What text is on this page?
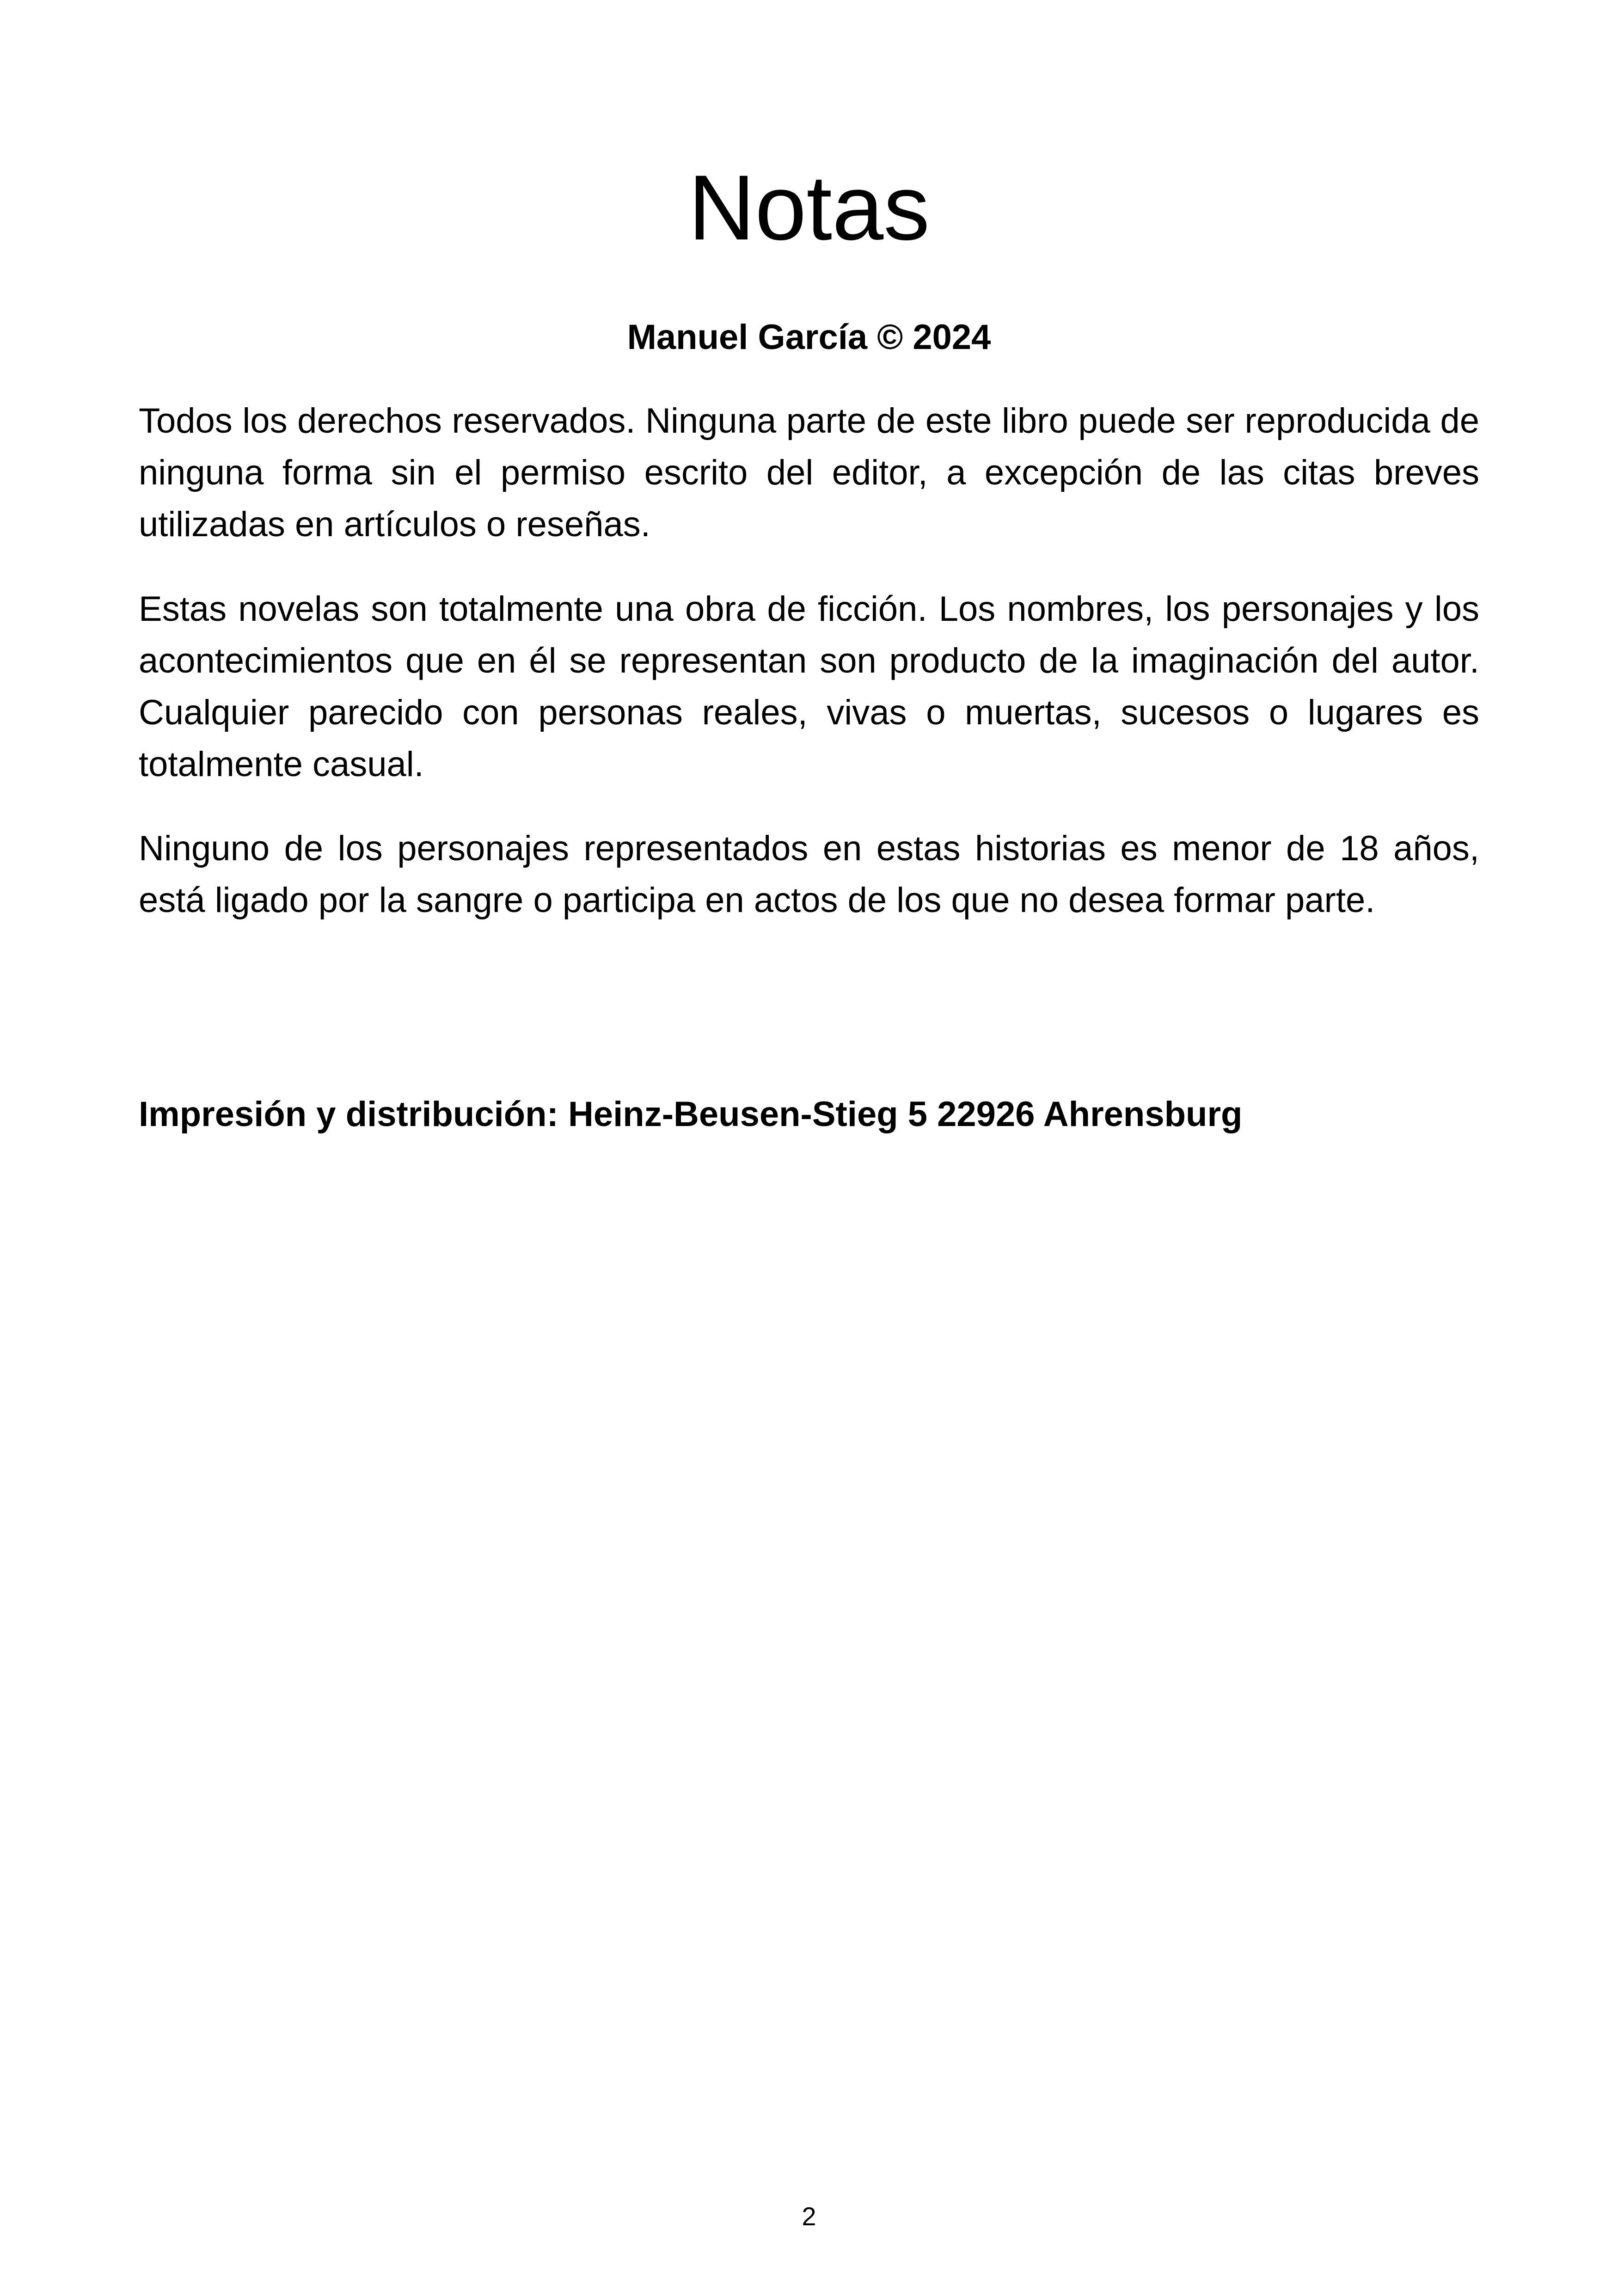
Notas

Manuel García © 2024

Todos los derechos reservados. Ninguna parte de este libro puede ser reproducida de ninguna forma sin el permiso escrito del editor, a excepción de las citas breves utilizadas en artículos o reseñas.

Estas novelas son totalmente una obra de ficción. Los nombres, los personajes y los acontecimientos que en él se representan son producto de la imaginación del autor. Cualquier parecido con personas reales, vivas o muertas, sucesos o lugares es totalmente casual.

Ninguno de los personajes representados en estas historias es menor de 18 años, está ligado por la sangre o participa en actos de los que no desea formar parte.

Impresión y distribución: Heinz-Beusen-Stieg 5 22926 Ahrensburg

2
